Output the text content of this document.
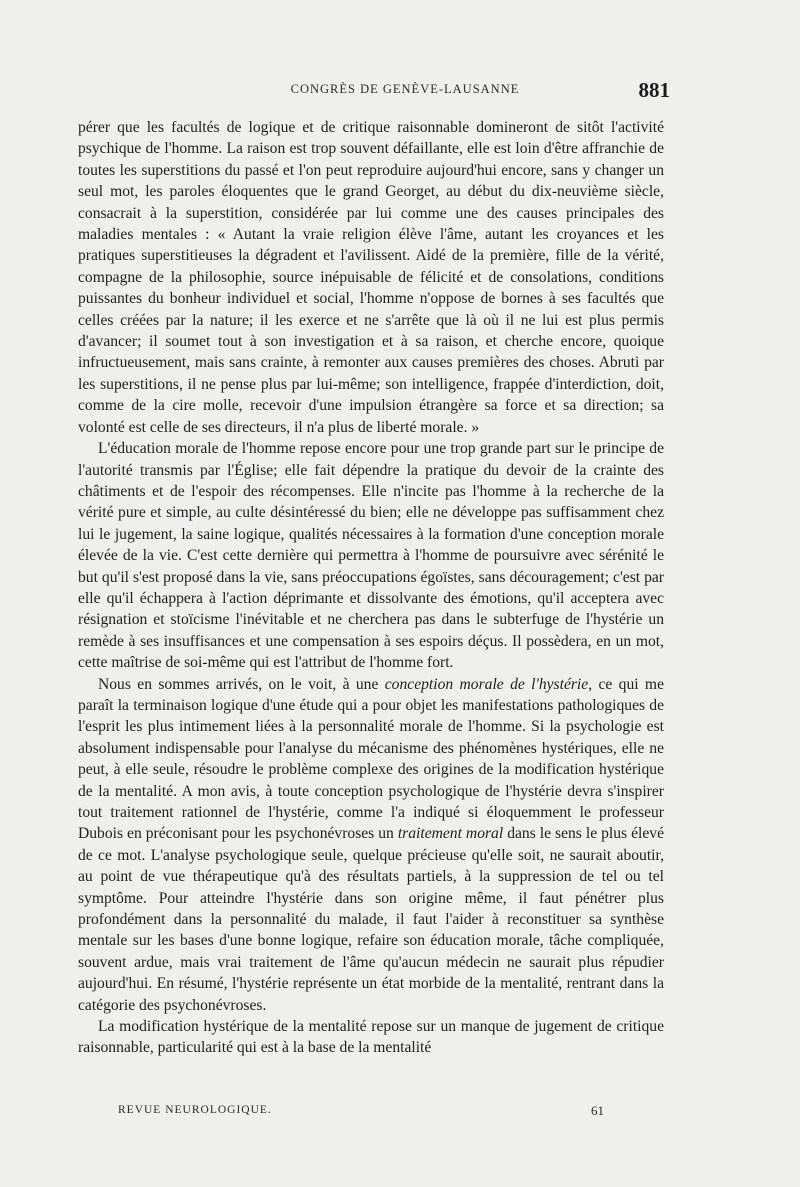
CONGRÈS DE GENÈVE-LAUSANNE	881

pérer que les facultés de logique et de critique raisonnable domineront de sitôt l'activité psychique de l'homme. La raison est trop souvent défaillante, elle est loin d'être affranchie de toutes les superstitions du passé et l'on peut reproduire aujourd'hui encore, sans y changer un seul mot, les paroles éloquentes que le grand Georget, au début du dix-neuvième siècle, consacrait à la superstition, considérée par lui comme une des causes principales des maladies mentales : « Autant la vraie religion élève l'âme, autant les croyances et les pratiques superstitieuses la dégradent et l'avilissent. Aidé de la première, fille de la vérité, compagne de la philosophie, source inépuisable de félicité et de consolations, conditions puissantes du bonheur individuel et social, l'homme n'oppose de bornes à ses facultés que celles créées par la nature; il les exerce et ne s'arrête que là où il ne lui est plus permis d'avancer; il soumet tout à son investigation et à sa raison, et cherche encore, quoique infructueusement, mais sans crainte, à remonter aux causes premières des choses. Abruti par les superstitions, il ne pense plus par lui-même; son intelligence, frappée d'interdiction, doit, comme de la cire molle, recevoir d'une impulsion étrangère sa force et sa direction; sa volonté est celle de ses directeurs, il n'a plus de liberté morale. »

L'éducation morale de l'homme repose encore pour une trop grande part sur le principe de l'autorité transmis par l'Église; elle fait dépendre la pratique du devoir de la crainte des châtiments et de l'espoir des récompenses. Elle n'incite pas l'homme à la recherche de la vérité pure et simple, au culte désintéressé du bien; elle ne développe pas suffisamment chez lui le jugement, la saine logique, qualités nécessaires à la formation d'une conception morale élevée de la vie. C'est cette dernière qui permettra à l'homme de poursuivre avec sérénité le but qu'il s'est proposé dans la vie, sans préoccupations égoïstes, sans découragement; c'est par elle qu'il échappera à l'action déprimante et dissolvante des émotions, qu'il acceptera avec résignation et stoïcisme l'inévitable et ne cherchera pas dans le subterfuge de l'hystérie un remède à ses insuffisances et une compensation à ses espoirs déçus. Il possèdera, en un mot, cette maîtrise de soi-même qui est l'attribut de l'homme fort.

Nous en sommes arrivés, on le voit, à une conception morale de l'hystérie, ce qui me paraît la terminaison logique d'une étude qui a pour objet les manifestations pathologiques de l'esprit les plus intimement liées à la personnalité morale de l'homme. Si la psychologie est absolument indispensable pour l'analyse du mécanisme des phénomènes hystériques, elle ne peut, à elle seule, résoudre le problème complexe des origines de la modification hystérique de la mentalité. A mon avis, à toute conception psychologique de l'hystérie devra s'inspirer tout traitement rationnel de l'hystérie, comme l'a indiqué si éloquemment le professeur Dubois en préconisant pour les psychonévroses un traitement moral dans le sens le plus élevé de ce mot. L'analyse psychologique seule, quelque précieuse qu'elle soit, ne saurait aboutir, au point de vue thérapeutique qu'à des résultats partiels, à la suppression de tel ou tel symptôme. Pour atteindre l'hystérie dans son origine même, il faut pénétrer plus profondément dans la personnalité du malade, il faut l'aider à reconstituer sa synthèse mentale sur les bases d'une bonne logique, refaire son éducation morale, tâche compliquée, souvent ardue, mais vrai traitement de l'âme qu'aucun médecin ne saurait plus répudier aujourd'hui. En résumé, l'hystérie représente un état morbide de la mentalité, rentrant dans la catégorie des psychonévroses.

La modification hystérique de la mentalité repose sur un manque de jugement de critique raisonnable, particularité qui est à la base de la mentalité

REVUE NEUROLOGIQUE.	61
